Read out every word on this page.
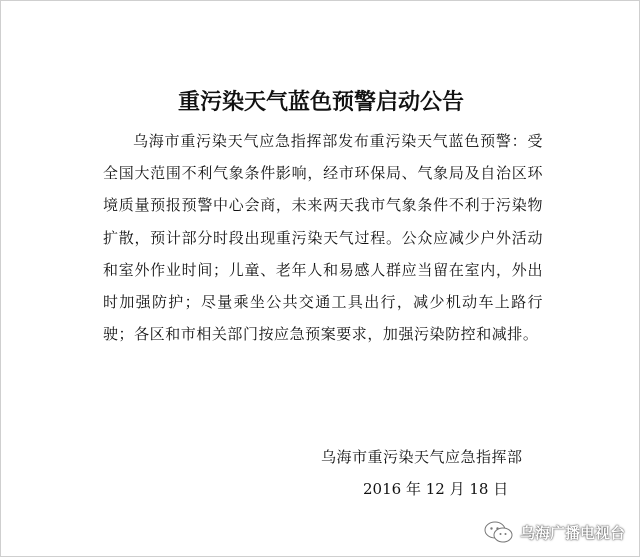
重污染天气蓝色预警启动公告
乌海市重污染天气应急指挥部发布重污染天气蓝色预警：受全国大范围不利气象条件影响，经市环保局、气象局及自治区环境质量预报预警中心会商，未来两天我市气象条件不利于污染物扩散，预计部分时段出现重污染天气过程。公众应减少户外活动和室外作业时间；儿童、老年人和易感人群应当留在室内，外出时加强防护；尽量乘坐公共交通工具出行，减少机动车上路行驶；各区和市相关部门按应急预案要求，加强污染防控和减排。
乌海市重污染天气应急指挥部
2016 年 12 月 18 日
乌海广播电视台
